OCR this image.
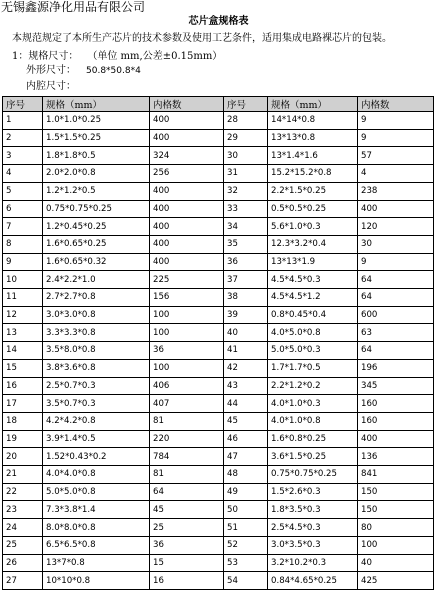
无锡鑫源净化用品有限公司
芯片盒规格表
本规范规定了本所生产芯片的技术参数及使用工艺条件，适用集成电路裸芯片的包装。
1：规格尺寸： （单位 mm,公差±0.15mm）
外形尺寸： 50.8*50.8*4
内腔尺寸：
序号	规格（mm）	内格数	序号	规格（mm）	内格数
1	1.0*1.0*0.25	400	28	14*14*0.8	9
2	1.5*1.5*0.25	400	29	13*13*0.8	9
3	1.8*1.8*0.5	324	30	13*1.4*1.6	57
4	2.0*2.0*0.8	256	31	15.2*15.2*0.8	4
5	1.2*1.2*0.5	400	32	2.2*1.5*0.25	238
6	0.75*0.75*0.25	400	33	0.5*0.5*0.25	400
7	1.2*0.45*0.25	400	34	5.6*1.0*0.3	120
8	1.6*0.65*0.25	400	35	12.3*3.2*0.4	30
9	1.6*0.65*0.32	400	36	13*13*1.9	9
10	2.4*2.2*1.0	225	37	4.5*4.5*0.3	64
11	2.7*2.7*0.8	156	38	4.5*4.5*1.2	64
12	3.0*3.0*0.8	100	39	0.8*0.45*0.4	600
13	3.3*3.3*0.8	100	40	4.0*5.0*0.8	63
14	3.5*8.0*0.8	36	41	5.0*5.0*0.3	64
15	3.8*3.6*0.8	100	42	1.7*1.7*0.5	196
16	2.5*0.7*0.3	406	43	2.2*1.2*0.2	345
17	3.5*0.7*0.3	407	44	4.0*1.0*0.3	160
18	4.2*4.2*0.8	81	45	4.0*1.0*0.8	160
19	3.9*1.4*0.5	220	46	1.6*0.8*0.25	400
20	1.52*0.43*0.2	784	47	3.6*1.5*0.25	136
21	4.0*4.0*0.8	81	48	0.75*0.75*0.25	841
22	5.0*5.0*0.8	64	49	1.5*2.6*0.3	150
23	7.3*3.8*1.4	45	50	1.8*3.5*0.3	150
24	8.0*8.0*0.8	25	51	2.5*4.5*0.3	80
25	6.5*6.5*0.8	36	52	3.0*3.5*0.3	100
26	13*7*0.8	15	53	3.2*10.2*0.3	40
27	10*10*0.8	16	54	0.84*4.65*0.25	425
